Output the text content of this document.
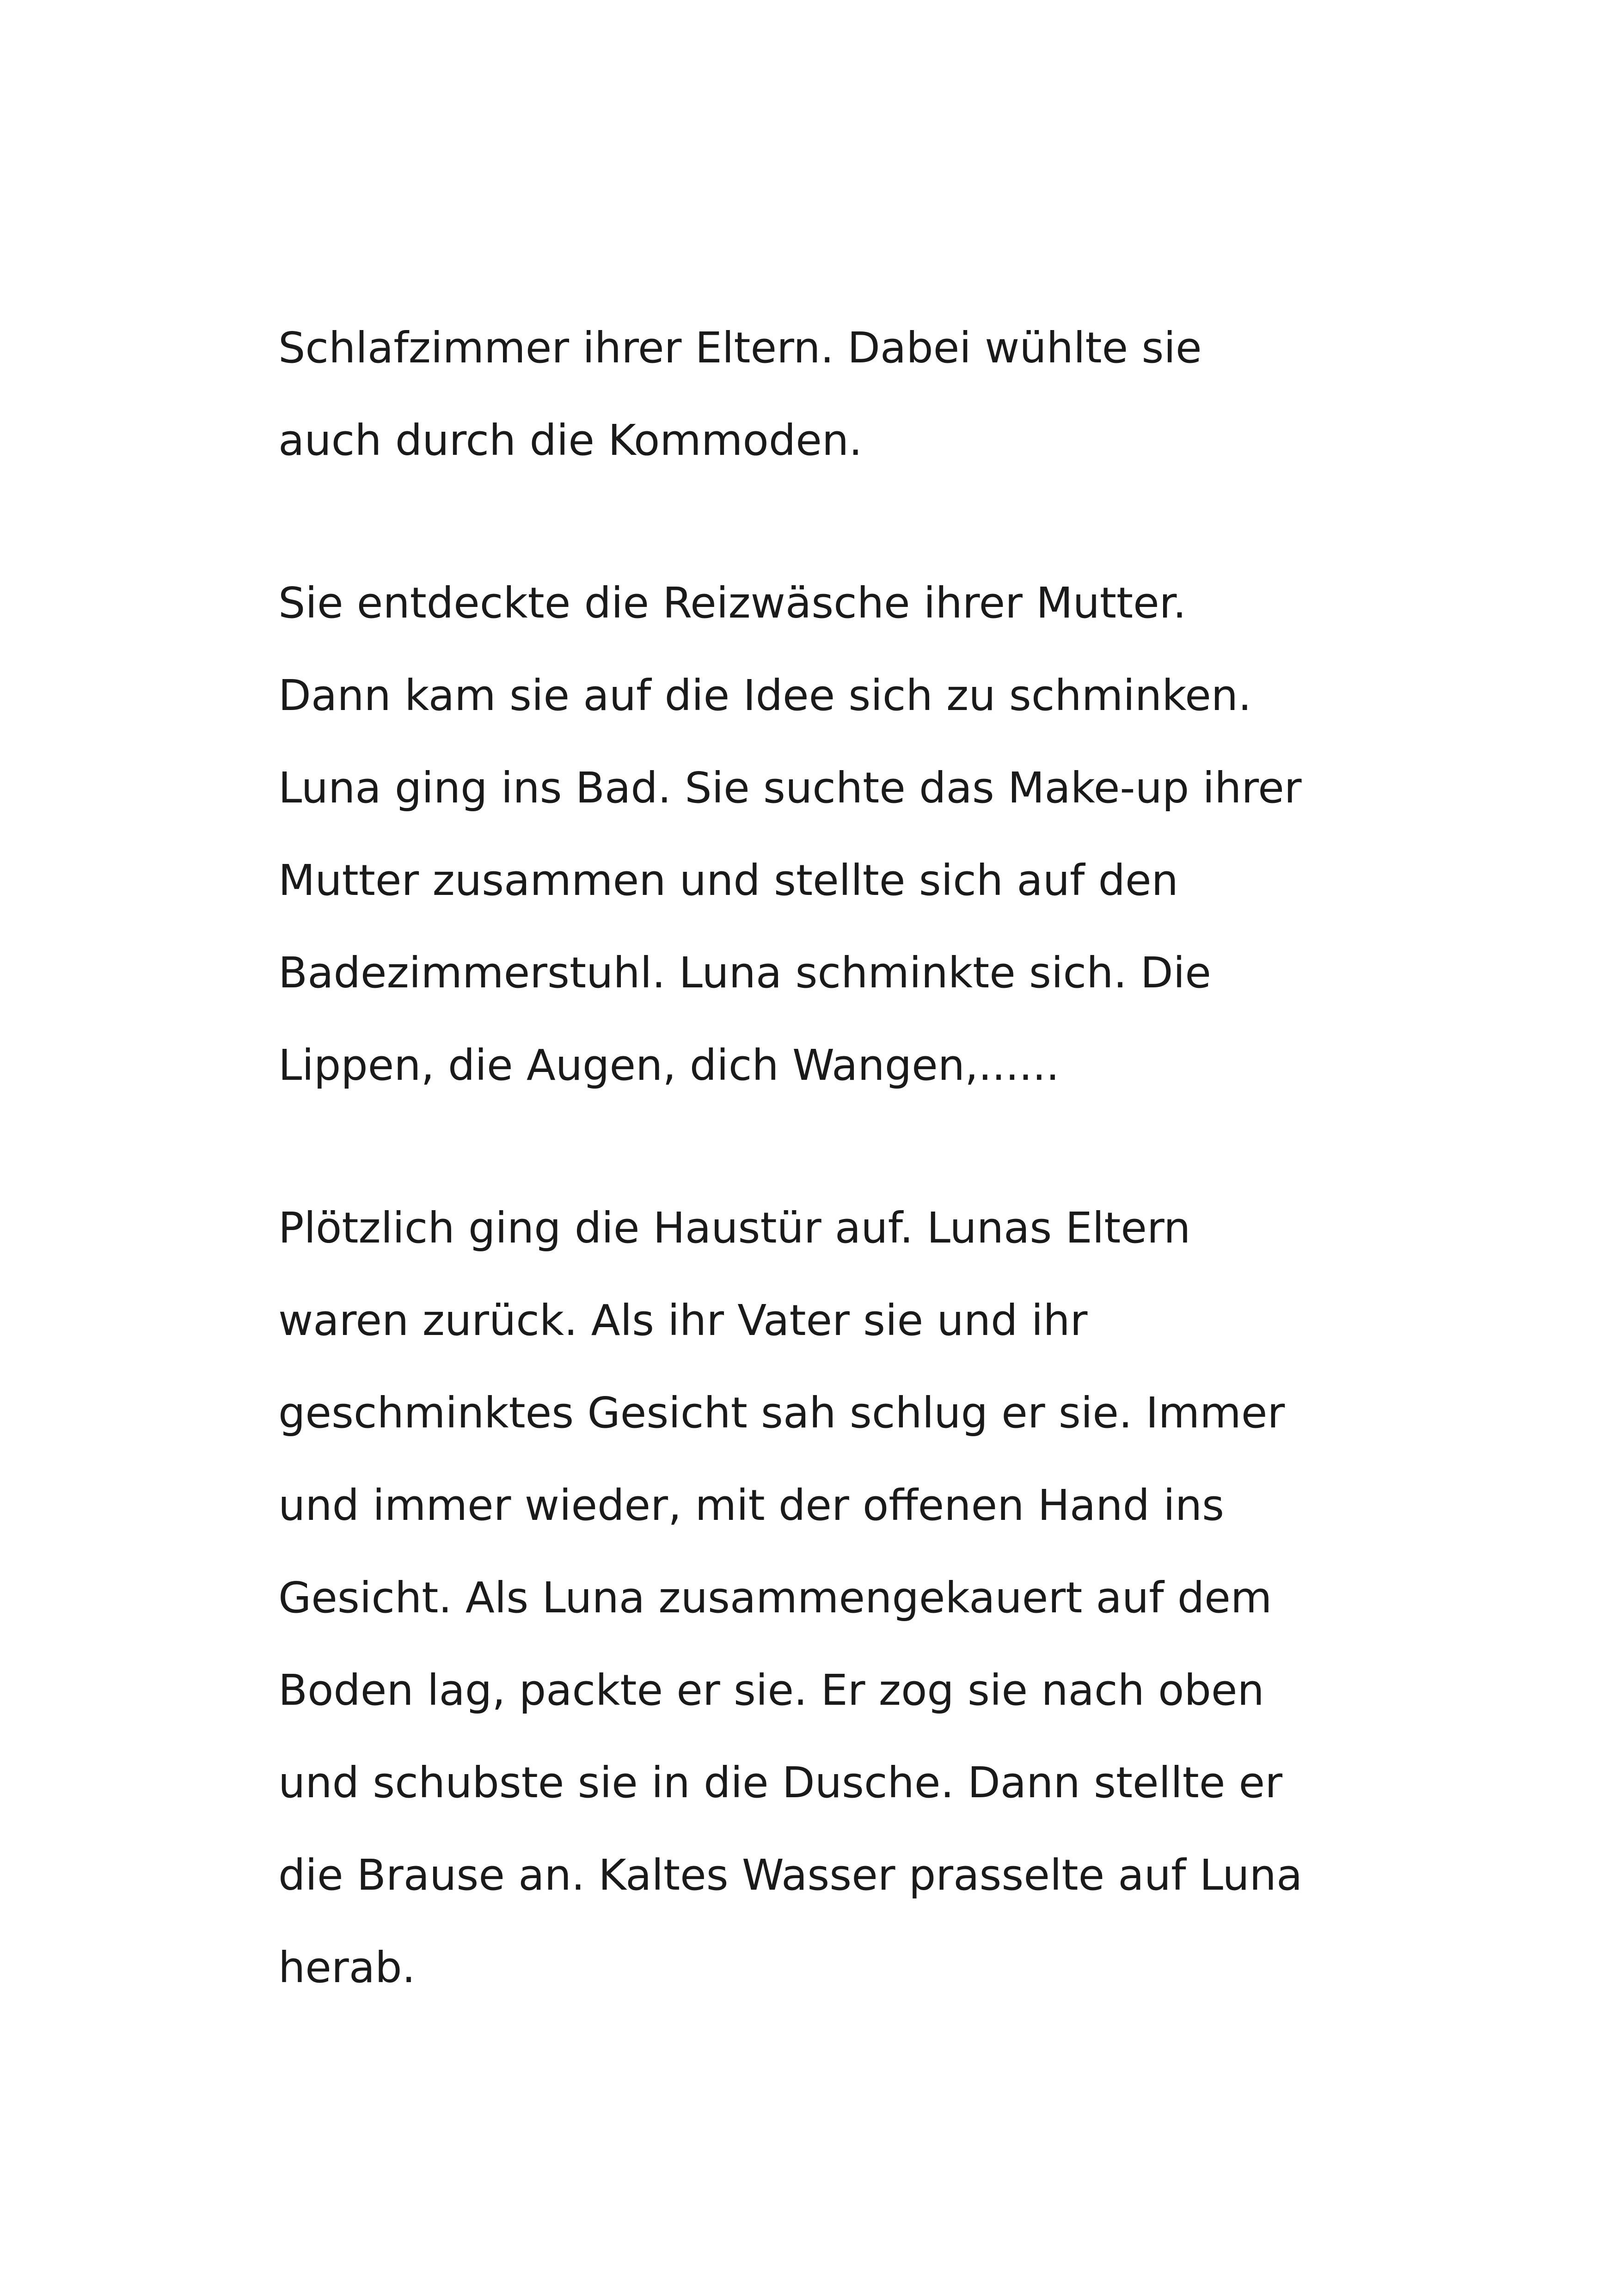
Schlafzimmer ihrer Eltern. Dabei wühlte sie
auch durch die Kommoden.
Sie entdeckte die Reizwäsche ihrer Mutter.
Dann kam sie auf die Idee sich zu schminken.
Luna ging ins Bad. Sie suchte das Make-up ihrer
Mutter zusammen und stellte sich auf den
Badezimmerstuhl. Luna schminkte sich. Die
Lippen, die Augen, dich Wangen,......
Plötzlich ging die Haustür auf. Lunas Eltern
waren zurück. Als ihr Vater sie und ihr
geschminktes Gesicht sah schlug er sie. Immer
und immer wieder, mit der offenen Hand ins
Gesicht. Als Luna zusammengekauert auf dem
Boden lag, packte er sie. Er zog sie nach oben
und schubste sie in die Dusche. Dann stellte er
die Brause an. Kaltes Wasser prasselte auf Luna
herab.
